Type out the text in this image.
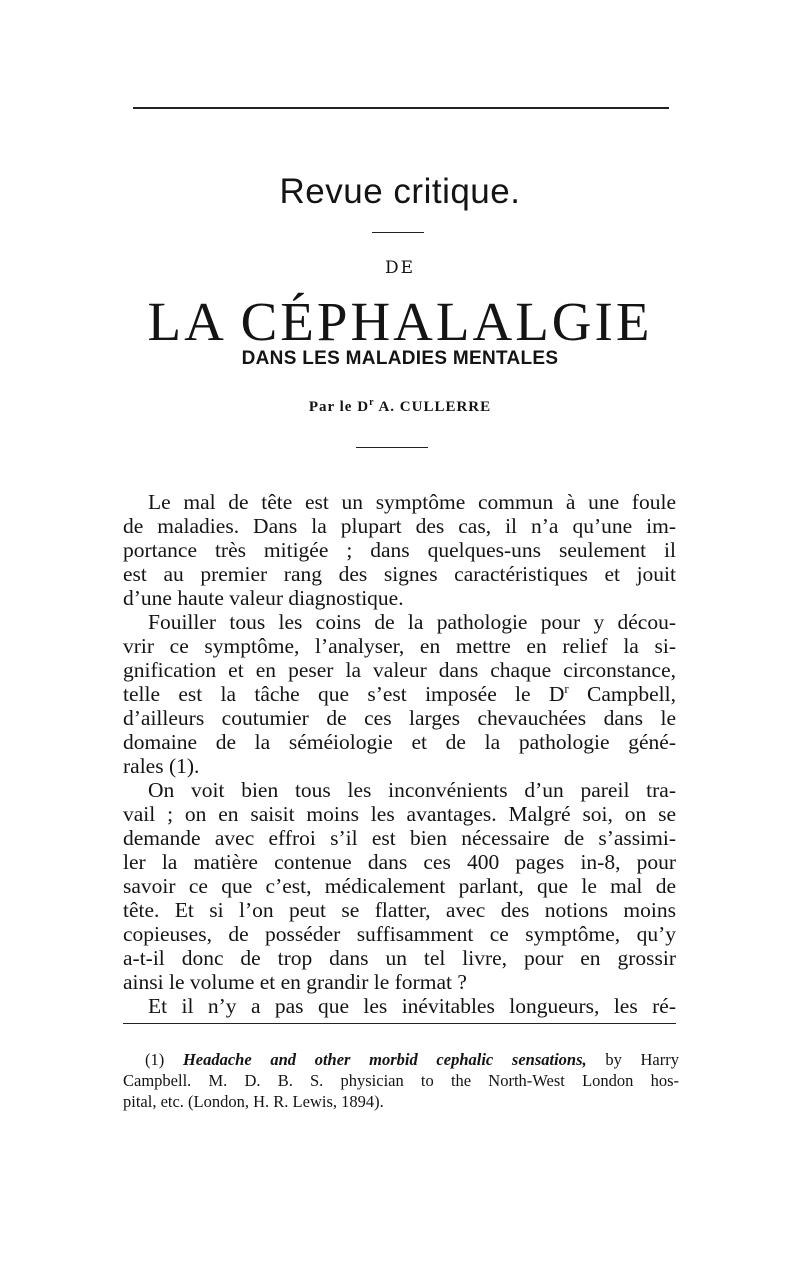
Revue critique.
DE
LA CÉPHALALGIE
DANS LES MALADIES MENTALES
Par le $D^r$ A. CULLERRE
Le mal de tête est un symptôme commun à une foule
de maladies. Dans la plupart des cas, il n’a qu’une im-
portance très mitigée ; dans quelques-uns seulement il
est au premier rang des signes caractéristiques et jouit
d’une haute valeur diagnostique.
Fouiller tous les coins de la pathologie pour y décou-
vrir ce symptôme, l’analyser, en mettre en relief la si-
gnification et en peser la valeur dans chaque circonstance,
telle est la tâche que s’est imposée le $D^r$ Campbell,
d’ailleurs coutumier de ces larges chevauchées dans le
domaine de la séméiologie et de la pathologie géné-
rales (1).
On voit bien tous les inconvénients d’un pareil tra-
vail ; on en saisit moins les avantages. Malgré soi, on se
demande avec effroi s’il est bien nécessaire de s’assimi-
ler la matière contenue dans ces 400 pages in-8, pour
savoir ce que c’est, médicalement parlant, que le mal de
tête. Et si l’on peut se flatter, avec des notions moins
copieuses, de posséder suffisamment ce symptôme, qu’y
a-t-il donc de trop dans un tel livre, pour en grossir
ainsi le volume et en grandir le format ?
Et il n’y a pas que les inévitables longueurs, les ré-
(1) Headache and other morbid cephalic sensations, by Harry
Campbell. M. D. B. S. physician to the North-West London hos-
pital, etc. (London, H. R. Lewis, 1894).
